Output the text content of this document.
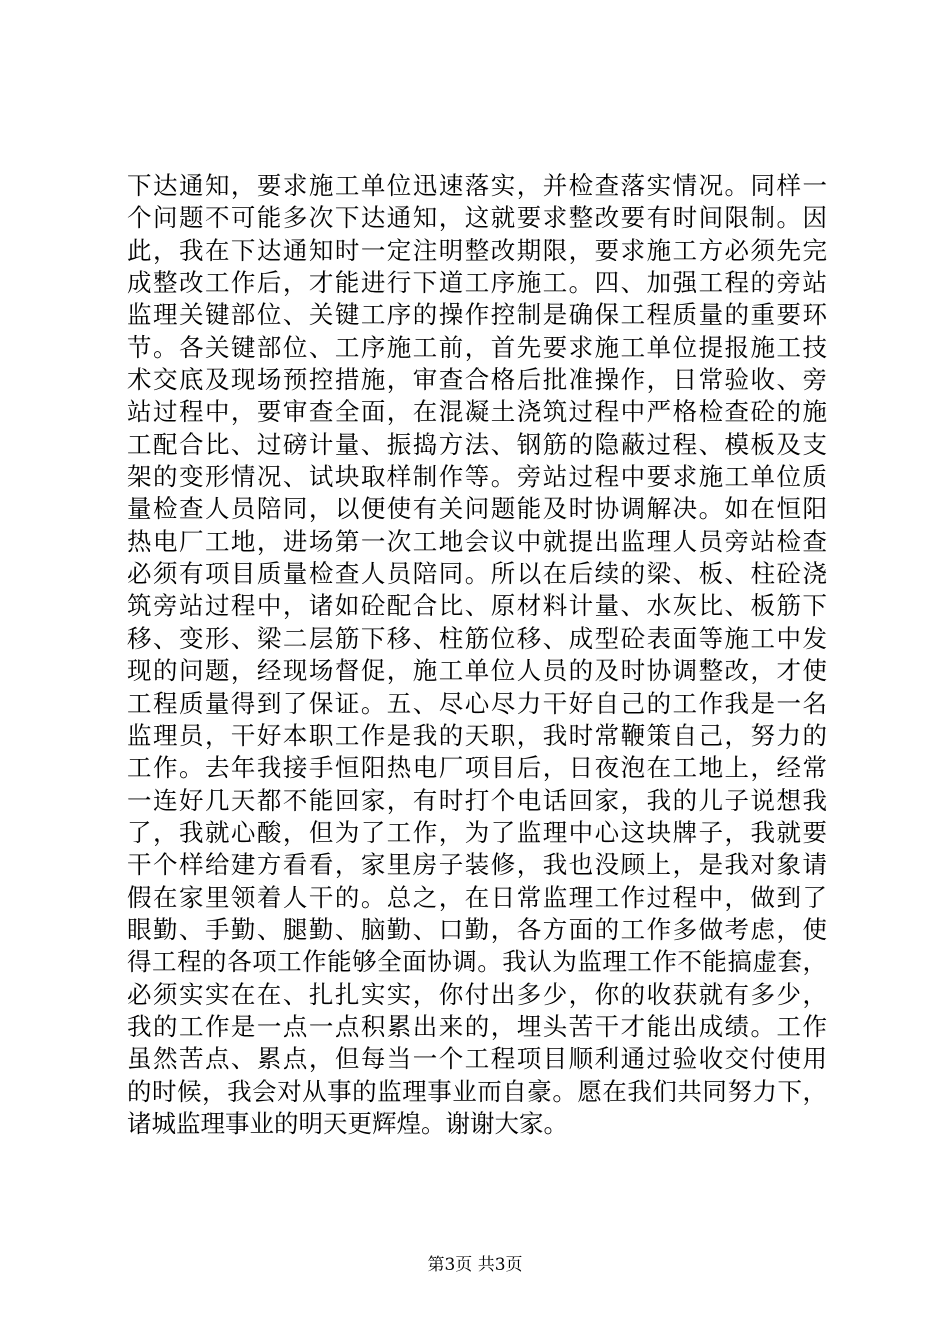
下达通知，要求施工单位迅速落实，并检查落实情况。同样一
个问题不可能多次下达通知，这就要求整改要有时间限制。因
此，我在下达通知时一定注明整改期限，要求施工方必须先完
成整改工作后，才能进行下道工序施工。四、加强工程的旁站
监理关键部位、关键工序的操作控制是确保工程质量的重要环
节。各关键部位、工序施工前，首先要求施工单位提报施工技
术交底及现场预控措施，审查合格后批准操作，日常验收、旁
站过程中，要审查全面，在混凝土浇筑过程中严格检查砼的施
工配合比、过磅计量、振捣方法、钢筋的隐蔽过程、模板及支
架的变形情况、试块取样制作等。旁站过程中要求施工单位质
量检查人员陪同，以便使有关问题能及时协调解决。如在恒阳
热电厂工地，进场第一次工地会议中就提出监理人员旁站检查
必须有项目质量检查人员陪同。所以在后续的梁、板、柱砼浇
筑旁站过程中，诸如砼配合比、原材料计量、水灰比、板筋下
移、变形、梁二层筋下移、柱筋位移、成型砼表面等施工中发
现的问题，经现场督促，施工单位人员的及时协调整改，才使
工程质量得到了保证。五、尽心尽力干好自己的工作我是一名
监理员，干好本职工作是我的天职，我时常鞭策自己，努力的
工作。去年我接手恒阳热电厂项目后，日夜泡在工地上，经常
一连好几天都不能回家，有时打个电话回家，我的儿子说想我
了，我就心酸，但为了工作，为了监理中心这块牌子，我就要
干个样给建方看看，家里房子装修，我也没顾上，是我对象请
假在家里领着人干的。总之，在日常监理工作过程中，做到了
眼勤、手勤、腿勤、脑勤、口勤，各方面的工作多做考虑，使
得工程的各项工作能够全面协调。我认为监理工作不能搞虚套，
必须实实在在、扎扎实实，你付出多少，你的收获就有多少，
我的工作是一点一点积累出来的，埋头苦干才能出成绩。工作
虽然苦点、累点，但每当一个工程项目顺利通过验收交付使用
的时候，我会对从事的监理事业而自豪。愿在我们共同努力下，
诸城监理事业的明天更辉煌。谢谢大家。
第3页 共3页
